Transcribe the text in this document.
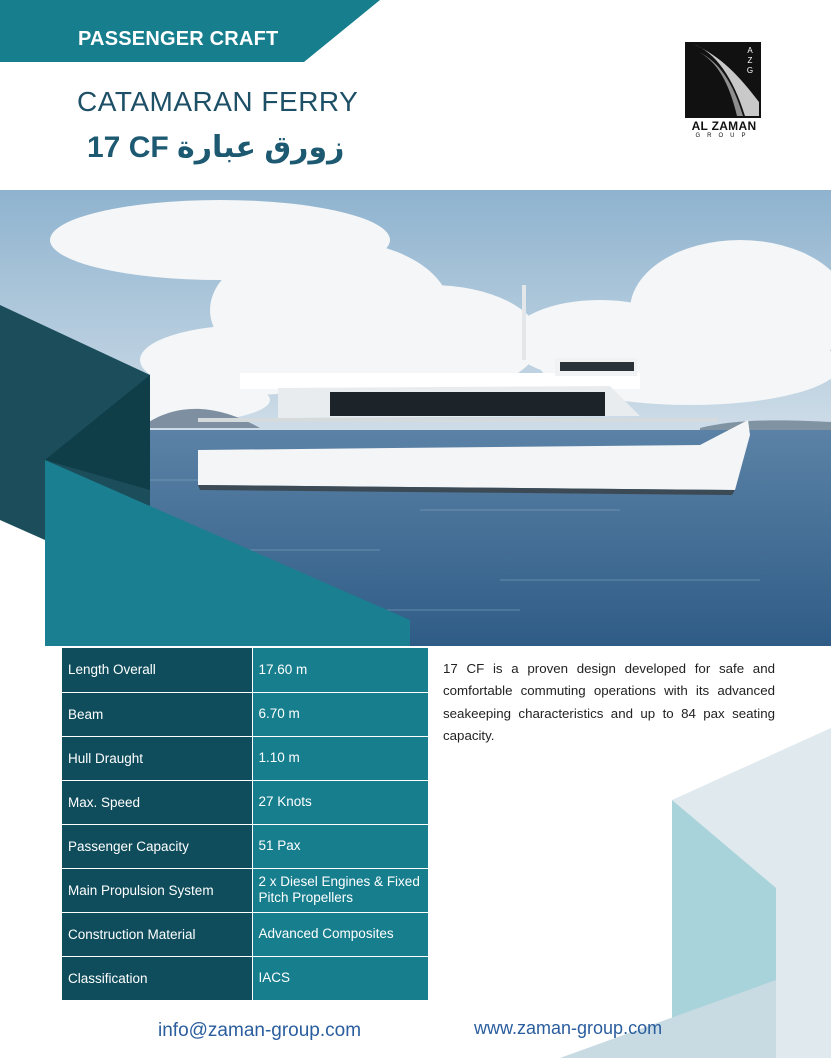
PASSENGER CRAFT
CATAMARAN FERRY
17 CF زورق عبارة
A
Z
G
AL ZAMAN
GROUP
Length Overall	17.60 m
Beam	6.70 m
Hull Draught	1.10 m
Max. Speed	27 Knots
Passenger Capacity	51 Pax
Main Propulsion System	2 x Diesel Engines & Fixed Pitch Propellers
Construction Material	Advanced Composites
Classification	IACS
17 CF is a proven design developed for safe and comfortable commuting operations with its advanced seakeeping characteristics and up to 84 pax seating capacity.
info@zaman-group.com	www.zaman-group.com
